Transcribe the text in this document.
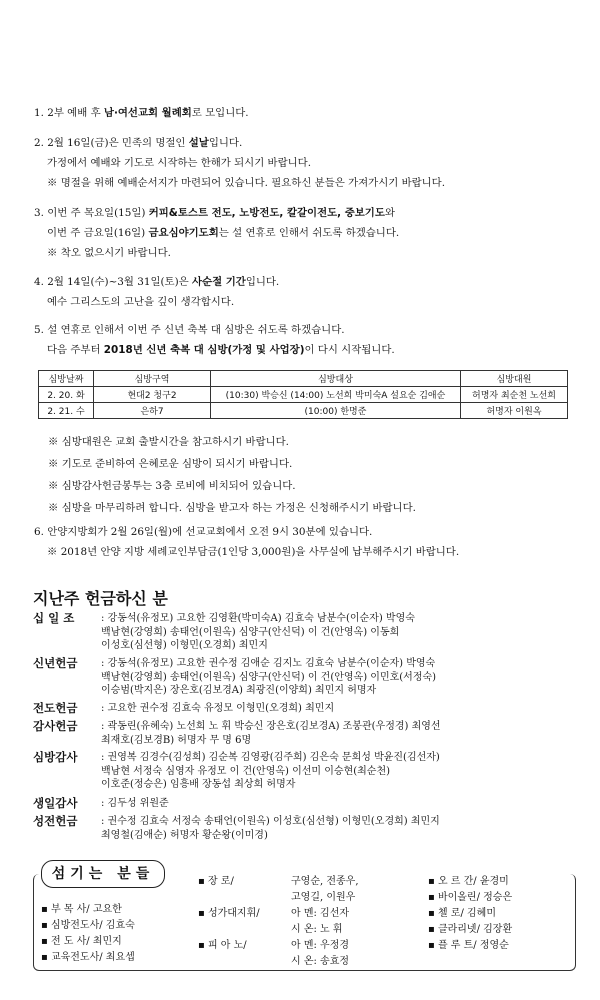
1. 2부 예배 후 남·여선교회 월례회로 모입니다.
2. 2월 16일(금)은 민족의 명절인 설날입니다.
가정에서 예배와 기도로 시작하는 한해가 되시기 바랍니다.
※ 명절을 위해 예배순서지가 마련되어 있습니다. 필요하신 분들은 가져가시기 바랍니다.
3. 이번 주 목요일(15일) 커피&토스트 전도, 노방전도, 칼갈이전도, 중보기도와
이번 주 금요일(16일) 금요심야기도회는 설 연휴로 인해서 쉬도록 하겠습니다.
※ 착오 없으시기 바랍니다.
4. 2월 14일(수)~3월 31일(토)은 사순절 기간입니다.
예수 그리스도의 고난을 깊이 생각합시다.
5. 설 연휴로 인해서 이번 주 신년 축복 대 심방은 쉬도록 하겠습니다.
다음 주부터 2018년 신년 축복 대 심방(가정 및 사업장)이 다시 시작됩니다.
심방날짜	심방구역	심방대상	심방대원
2. 20. 화	현대2 청구2	(10:30) 박승신 (14:00) 노선희 박미숙A 설요순 김애순	허명자 최순천 노선희
2. 21. 수	은하7	(10:00) 한명준	허명자 이원옥
※ 심방대원은 교회 출발시간을 참고하시기 바랍니다.
※ 기도로 준비하여 은혜로운 심방이 되시기 바랍니다.
※ 심방감사헌금봉투는 3층 로비에 비치되어 있습니다.
※ 심방을 마무리하려 합니다. 심방을 받고자 하는 가정은 신청해주시기 바랍니다.
6. 안양지방회가 2월 26일(월)에 선교교회에서 오전 9시 30분에 있습니다.
※ 2018년 안양 지방 세례교인부담금(1인당 3,000원)을 사무실에 납부해주시기 바랍니다.
지난주 헌금하신 분
십 일 조	: 강동석(유정모) 고요한 김영환(박미숙A) 김효숙 남분수(이순자) 박영숙
백남현(강영희) 송태언(이원옥) 심양구(안신덕) 이 건(안영옥) 이동희
이성호(심선형) 이형민(오경희) 최민지
신년헌금 : 강동석(유정모) 고요한 권수정 김애순 김지노 김효숙 남분수(이순자) 박영숙
백남현(강영희) 송태언(이원옥) 심양구(안신덕) 이 건(안영옥) 이민호(서정숙)
이승범(박지은) 장은호(김보경A) 최광진(이양희) 최민지 허명자
전도헌금 : 고요한 권수정 김효숙 유정모 이형민(오경희) 최민지
감사헌금 : 곽동린(유혜숙) 노선희 노 휘 박승신 장은호(김보경A) 조봉관(우정경) 최영선
최재호(김보경B) 허명자 무 명 6명
심방감사 : 권영복 김경수(김성희) 김순복 김영광(김주희) 김은숙 문희성 박윤진(김선자)
백남현 서정숙 심영자 유정모 이 건(안영옥) 이선미 이승현(최순천)
이호준(정승은) 임흥배 장동섭 최상희 허명자
생일감사 : 김두성 위원준
성전헌금 : 권수정 김효숙 서정숙 송태언(이원옥) 이성호(심선형) 이형민(오경희) 최민지
최영철(김애순) 허명자 황순왕(이미경)
섬기는 분들
▪ 부 목 사/ 고요한
▪ 심방전도사/ 김효숙
▪ 전 도 사/ 최민지
▪ 교육전도사/ 최요셉
▪ 장 로/

▪ 성가대지휘/

▪ 피 아 노/

구영순, 전종우,
고영길, 이원우
아 멘: 김선자
시 온: 노 휘
아 멘: 우정경
시 온: 송효정
▪ 오 르 간/ 윤경미
▪ 바이올린/ 정승은
▪ 첼 로/ 김혜미
▪ 클라리넷/ 김장환
▪ 플 루 트/ 정영순
